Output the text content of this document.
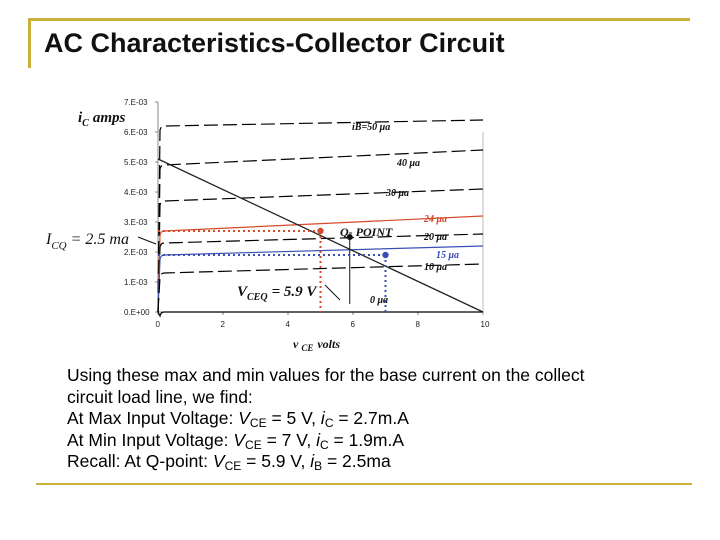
AC Characteristics-Collector Circuit
0.E+00
1.E-03
2.E-03
3.E-03
4.E-03
5.E-03
6.E-03
7.E-03
0	2	4	6	8	10
iB=50 μa
40 μa
30 μa
24 μa
20 μa
15 μa
10 μa
0 μa
$i_C$ amps
v $_{CE}$ volts
$I_{CQ} = 2.5$ ma
$V_{CEQ} = 5.9$ V
Q- POINT
Using these max and min values for the base current on the collect
circuit load line, we find:
At Max Input Voltage: $V_{CE} = 5$ V, $i_C = 2.7m.A$
At Min Input Voltage: $V_{CE} = 7$ V, $i_C = 1.9m.A$
Recall: At Q-point: $V_{CE} = 5.9$ V, $i_B = 2.5ma$
